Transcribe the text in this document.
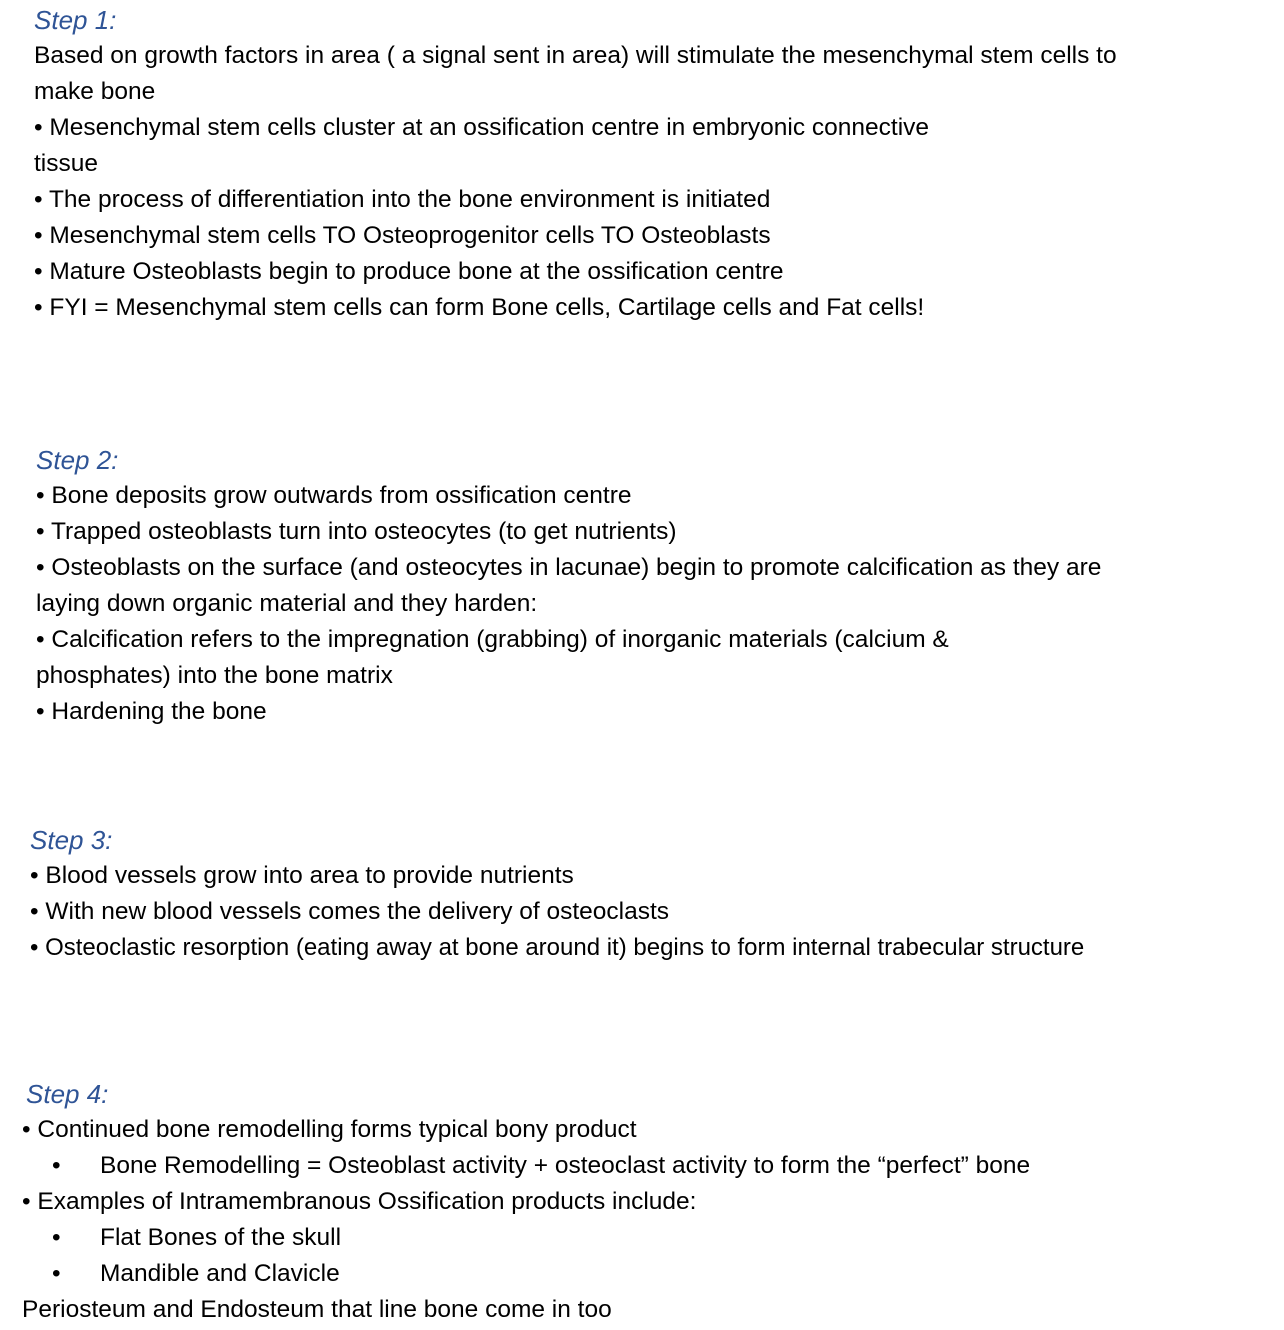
Step 1:

Based on growth factors in area ( a signal sent in area) will stimulate the mesenchymal stem cells to

make bone

• Mesenchymal stem cells cluster at an ossification centre in embryonic connective
tissue
• The process of differentiation into the bone environment is initiated
• Mesenchymal stem cells TO Osteoprogenitor cells TO Osteoblasts
• Mature Osteoblasts begin to produce bone at the ossification centre
• FYI = Mesenchymal stem cells can form Bone cells, Cartilage cells and Fat cells!
Step 2:
• Bone deposits grow outwards from ossification centre
• Trapped osteoblasts turn into osteocytes (to get nutrients)
• Osteoblasts on the surface (and osteocytes in lacunae) begin to promote calcification as they are
laying down organic material and they harden:
• Calcification refers to the impregnation (grabbing) of inorganic materials (calcium &
phosphates) into the bone matrix
• Hardening the bone
Step 3:
• Blood vessels grow into area to provide nutrients
• With new blood vessels comes the delivery of osteoclasts
• Osteoclastic resorption (eating away at bone around it) begins to form internal trabecular structure
Step 4:
• Continued bone remodelling forms typical bony product
•	Bone Remodelling = Osteoblast activity + osteoclast activity to form the “perfect” bone
• Examples of Intramembranous Ossification products include:
•	Flat Bones of the skull
•	Mandible and Clavicle
Periosteum and Endosteum that line bone come in too
